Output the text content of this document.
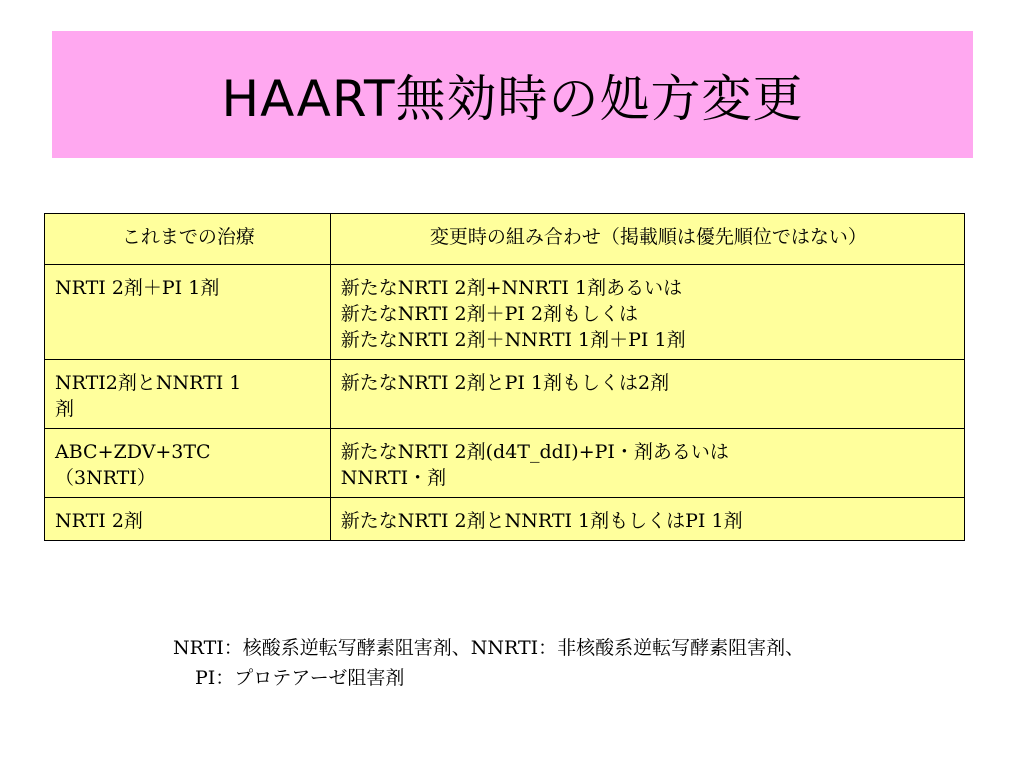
HAART無効時の処方変更
これまでの治療	変更時の組み合わせ（掲載順は優先順位ではない）

NRTI 2剤＋PI 1剤	新たなNRTI 2剤+NNRTI 1剤あるいは
新たなNRTI 2剤＋PI 2剤もしくは
新たなNRTI 2剤＋NNRTI 1剤＋PI 1剤

NRTI2剤とNNRTI 1
剤	新たなNRTI 2剤とPI 1剤もしくは2剤

ABC+ZDV+3TC
（3NRTI）	新たなNRTI 2剤(d4T_ddI)+PI・剤あるいは
NNRTI・剤

NRTI 2剤	新たなNRTI 2剤とNNRTI 1剤もしくはPI 1剤
NRTI：核酸系逆転写酵素阻害剤、NNRTI：非核酸系逆転写酵素阻害剤、
PI：プロテアーゼ阻害剤
